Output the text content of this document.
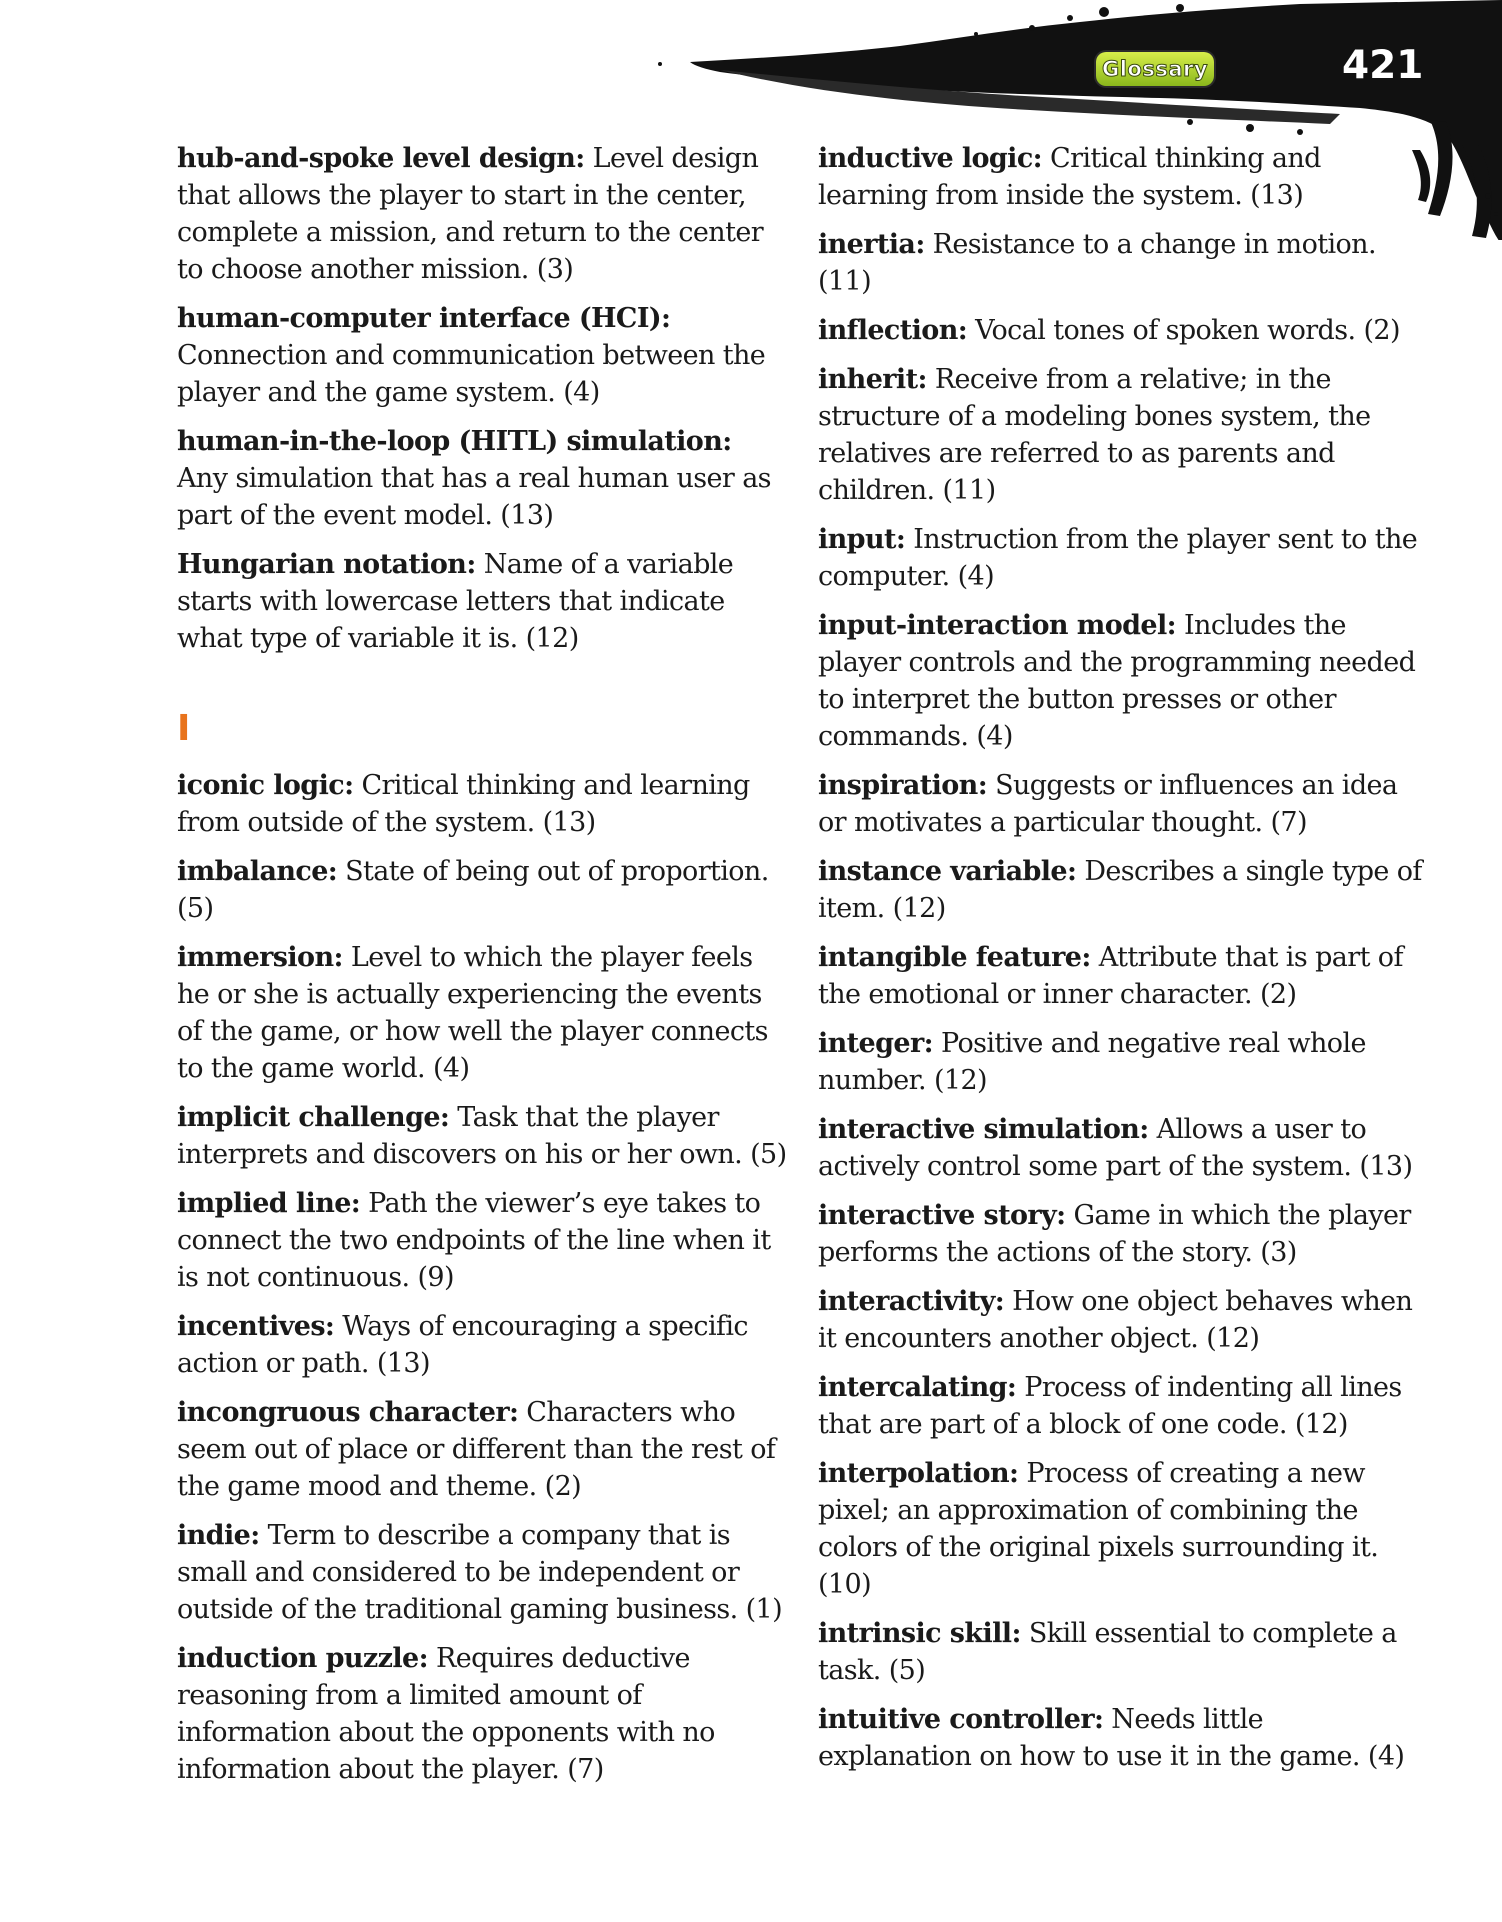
Glossary	421

hub-and-spoke level design: Level design that allows the player to start in the center, complete a mission, and return to the center to choose another mission. (3)

human-computer interface (HCI): Connection and communication between the player and the game system. (4)

human-in-the-loop (HITL) simulation: Any simulation that has a real human user as part of the event model. (13)

Hungarian notation: Name of a variable starts with lowercase letters that indicate what type of variable it is. (12)

I

iconic logic: Critical thinking and learning from outside of the system. (13)

imbalance: State of being out of proportion. (5)

immersion: Level to which the player feels he or she is actually experiencing the events of the game, or how well the player connects to the game world. (4)

implicit challenge: Task that the player interprets and discovers on his or her own. (5)

implied line: Path the viewer’s eye takes to connect the two endpoints of the line when it is not continuous. (9)

incentives: Ways of encouraging a specific action or path. (13)

incongruous character: Characters who seem out of place or different than the rest of the game mood and theme. (2)

indie: Term to describe a company that is small and considered to be independent or outside of the traditional gaming business. (1)

induction puzzle: Requires deductive reasoning from a limited amount of information about the opponents with no information about the player. (7)

inductive logic: Critical thinking and learning from inside the system. (13)

inertia: Resistance to a change in motion. (11)

inflection: Vocal tones of spoken words. (2)

inherit: Receive from a relative; in the structure of a modeling bones system, the relatives are referred to as parents and children. (11)

input: Instruction from the player sent to the computer. (4)

input-interaction model: Includes the player controls and the programming needed to interpret the button presses or other commands. (4)

inspiration: Suggests or influences an idea or motivates a particular thought. (7)

instance variable: Describes a single type of item. (12)

intangible feature: Attribute that is part of the emotional or inner character. (2)

integer: Positive and negative real whole number. (12)

interactive simulation: Allows a user to actively control some part of the system. (13)

interactive story: Game in which the player performs the actions of the story. (3)

interactivity: How one object behaves when it encounters another object. (12)

intercalating: Process of indenting all lines that are part of a block of one code. (12)

interpolation: Process of creating a new pixel; an approximation of combining the colors of the original pixels surrounding it. (10)

intrinsic skill: Skill essential to complete a task. (5)

intuitive controller: Needs little explanation on how to use it in the game. (4)
